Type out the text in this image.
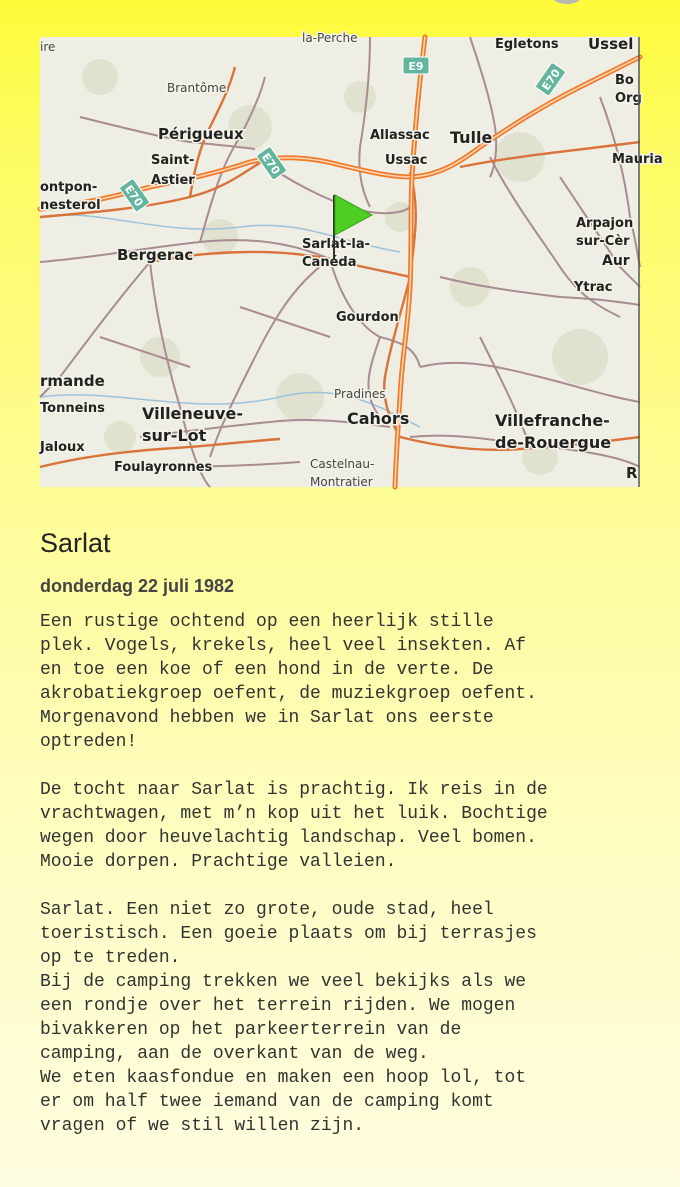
E9
E70
E70
E70
ire
la-Perche	Egletons Ussel
Bo
Org
Brantôme
Périgueux	Allassac Tulle
Ussac	Mauria
Saint-
Astier
ontpon-
nesterol
Arpajon
sur-Cèr
Aur
Bergerac
Sarlat-la-
Canéda
Ytrac
Gourdon
rmande
Tonneins
Pradines
Villeneuve-
sur-Lot
Cahors	Villefranche-
de-Rouergue
Jaloux
Foulayronnes	Castelnau-
Montratier	R
Sarlat
donderdag 22 juli 1982

Een rustige ochtend op een heerlijk stille
plek. Vogels, krekels, heel veel insekten. Af
en toe een koe of een hond in de verte. De
akrobatiekgroep oefent, de muziekgroep oefent.
Morgenavond hebben we in Sarlat ons eerste
optreden!

De tocht naar Sarlat is prachtig. Ik reis in de
vrachtwagen, met m’n kop uit het luik. Bochtige
wegen door heuvelachtig landschap. Veel bomen.
Mooie dorpen. Prachtige valleien.

Sarlat. Een niet zo grote, oude stad, heel
toeristisch. Een goeie plaats om bij terrasjes
op te treden.
Bij de camping trekken we veel bekijks als we
een rondje over het terrein rijden. We mogen
bivakkeren op het parkeerterrein van de
camping, aan de overkant van de weg.
We eten kaasfondue en maken een hoop lol, tot
er om half twee iemand van de camping komt
vragen of we stil willen zijn.
